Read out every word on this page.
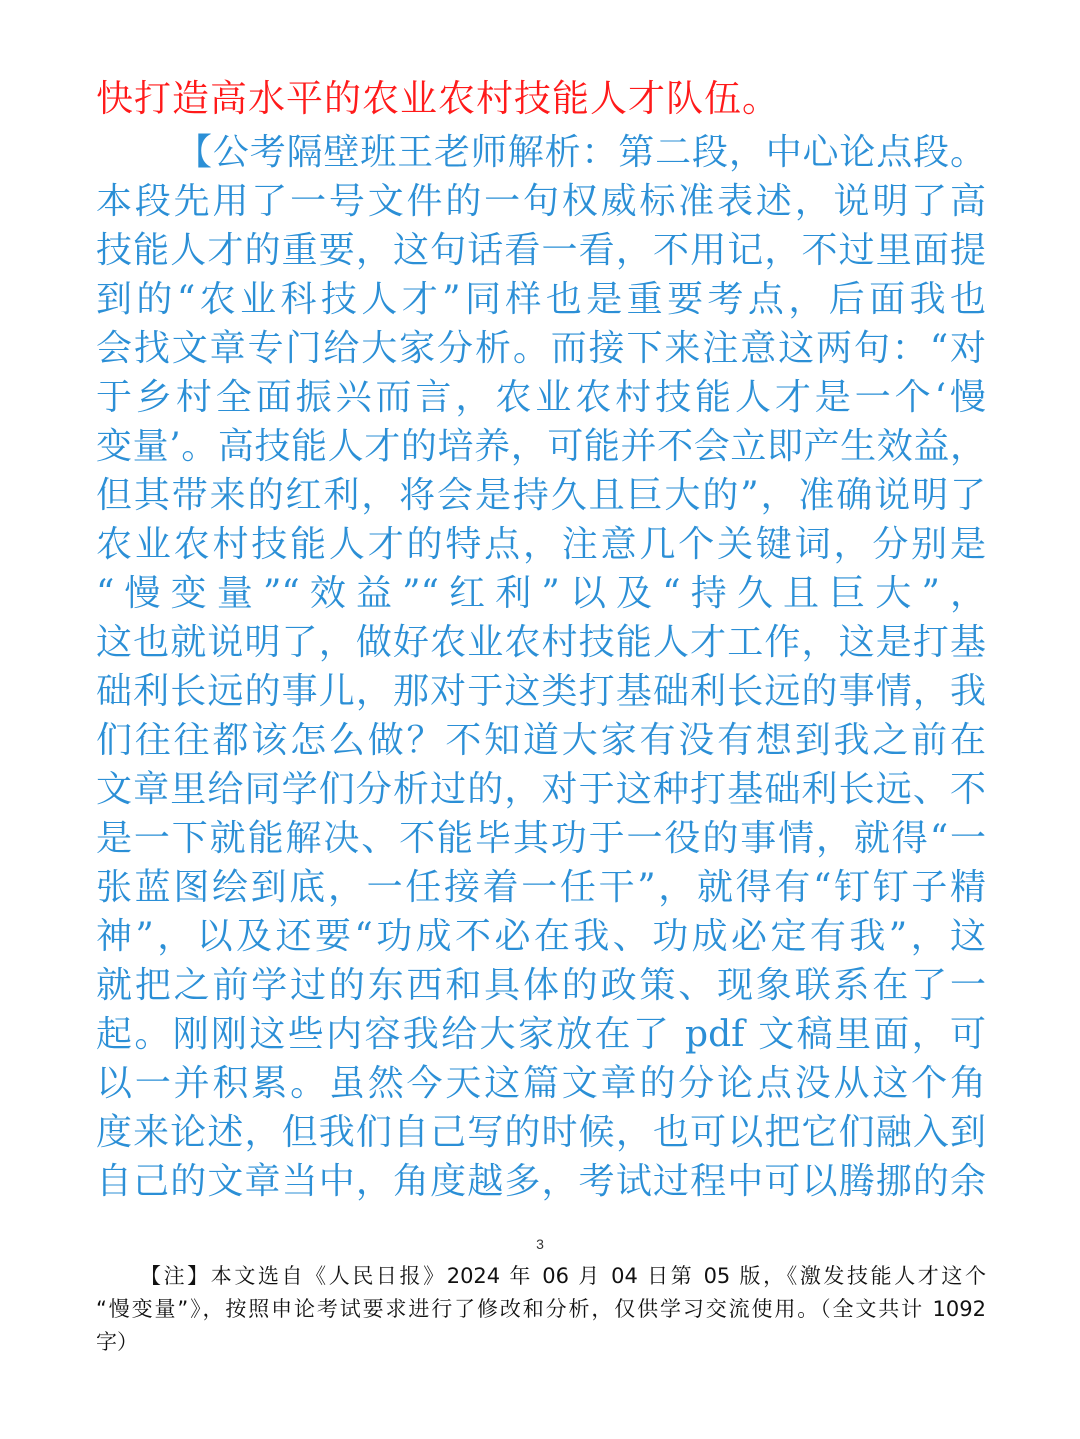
快打造高水平的农业农村技能人才队伍。
【公考隔壁班王老师解析：第二段，中心论点段。
本段先用了一号文件的一句权威标准表述，说明了高
技能人才的重要，这句话看一看，不用记，不过里面提
到的“农业科技人才”同样也是重要考点，后面我也
会找文章专门给大家分析。而接下来注意这两句：“对
于乡村全面振兴而言，农业农村技能人才是一个‘慢
变量’。高技能人才的培养，可能并不会立即产生效益，
但其带来的红利，将会是持久且巨大的”，准确说明了
农业农村技能人才的特点，注意几个关键词，分别是
“慢变量”“效益”“红利”以及“持久且巨大”，
这也就说明了，做好农业农村技能人才工作，这是打基
础利长远的事儿，那对于这类打基础利长远的事情，我
们往往都该怎么做？不知道大家有没有想到我之前在
文章里给同学们分析过的，对于这种打基础利长远、不
是一下就能解决、不能毕其功于一役的事情，就得“一
张蓝图绘到底，一任接着一任干”，就得有“钉钉子精
神”，以及还要“功成不必在我、功成必定有我”，这
就把之前学过的东西和具体的政策、现象联系在了一
起。刚刚这些内容我给大家放在了 pdf 文稿里面，可
以一并积累。虽然今天这篇文章的分论点没从这个角
度来论述，但我们自己写的时候，也可以把它们融入到
自己的文章当中，角度越多，考试过程中可以腾挪的余
3
【注】本文选自《人民日报》2024 年 06 月 04 日第 05 版，《激发技能人才这个
“慢变量”》，按照申论考试要求进行了修改和分析，仅供学习交流使用。（全文共计 1092
字）
